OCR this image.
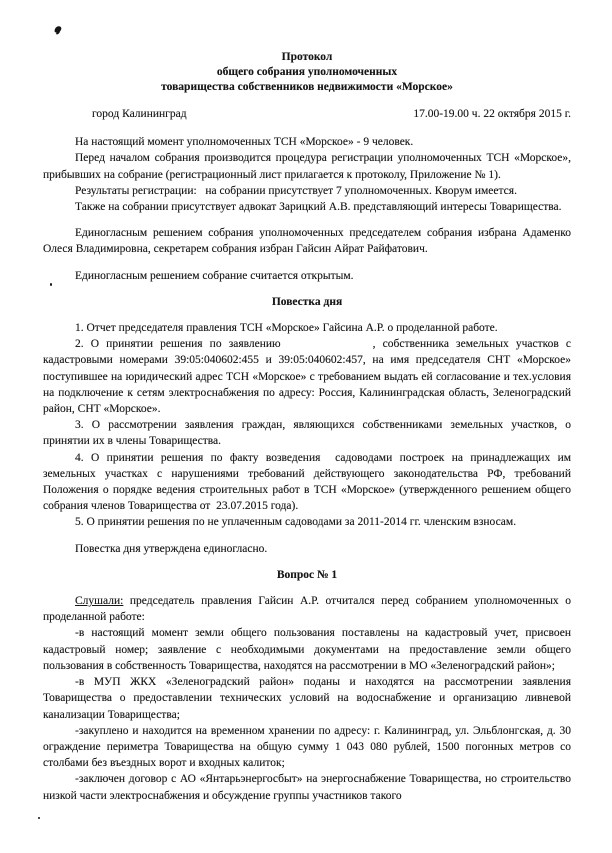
Протокол
общего собрания уполномоченных
товарищества собственников недвижимости «Морское»
город Калининград	17.00-19.00 ч. 22 октября 2015 г.

На настоящий момент уполномоченных ТСН «Морское» - 9 человек.

Перед началом собрания производится процедура регистрации уполномоченных ТСН «Морское», прибывших на собрание (регистрационный лист прилагается к протоколу, Приложение № 1).

Результаты регистрации:   на собрании присутствует 7 уполномоченных. Кворум имеется.

Также на собрании присутствует адвокат Зарицкий А.В. представляющий интересы Товарищества.

Единогласным решением собрания уполномоченных председателем собрания избрана Адаменко Олеся Владимировна, секретарем собрания избран Гайсин Айрат Райфатович.

Единогласным решением собрание считается открытым.

Повестка дня

1. Отчет председателя правления ТСН «Морское» Гайсина А.Р. о проделанной работе.

2. О принятии решения по заявлению	, собственника земельных участков с кадастровыми номерами 39:05:040602:455 и 39:05:040602:457, на имя председателя СНТ «Морское» поступившее на юридический адрес ТСН «Морское» с требованием выдать ей согласование и тех.условия на подключение к сетям электроснабжения по адресу: Россия, Калининградская область, Зеленоградский район, СНТ «Морское».

3. О рассмотрении заявления граждан, являющихся собственниками земельных участков, о принятии их в члены Товарищества.

4. О принятии решения по факту возведения  садоводами построек на принадлежащих им земельных участках с нарушениями требований действующего законодательства РФ, требований Положения о порядке ведения строительных работ в ТСН «Морское» (утвержденного решением общего собрания членов Товарищества от  23.07.2015 года).

5. О принятии решения по не уплаченным садоводами за 2011-2014 гг. членским взносам.

Повестка дня утверждена единогласно.

Вопрос № 1

Слушали: председатель правления Гайсин А.Р. отчитался перед собранием уполномоченных о проделанной работе:

-в настоящий момент земли общего пользования поставлены на кадастровый учет, присвоен кадастровый номер; заявление с необходимыми документами на предоставление земли общего пользования в собственность Товарищества, находятся на рассмотрении в МО «Зеленоградский район»;

-в МУП ЖКХ «Зеленоградский район» поданы и находятся на рассмотрении заявления Товарищества о предоставлении технических условий на водоснабжение и организацию ливневой канализации Товарищества;

-закуплено и находится на временном хранении по адресу: г. Калининград, ул. Эльблонгская, д. 30 ограждение периметра Товарищества на общую сумму 1 043 080 рублей, 1500 погонных метров со столбами без въездных ворот и входных калиток;

-заключен договор с АО «Янтарьэнергосбыт» на энергоснабжение Товарищества, но строительство низкой части электроснабжения и обсуждение группы участников такого
